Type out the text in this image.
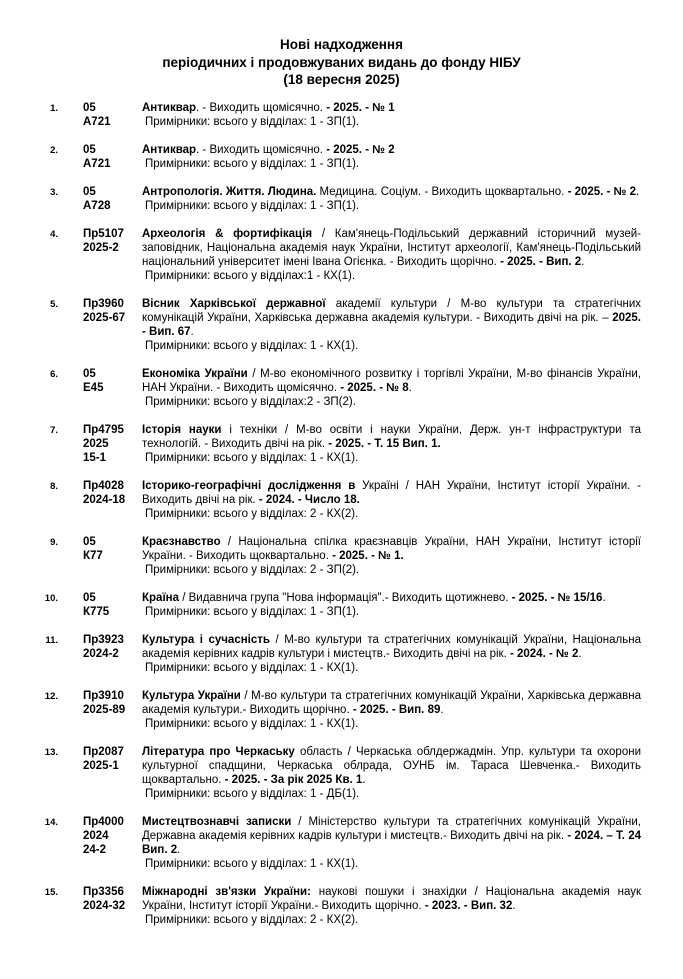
Нові надходження
періодичних і продовжуваних видань до фонду НІБУ
(18 вересня 2025)
1. 05
А721
Антиквар. - Виходить щомісячно. - 2025. - № 1
Примірники: всього у відділах: 1 - ЗП(1).
2. 05
А721
Антиквар. - Виходить щомісячно. - 2025. - № 2
Примірники: всього у відділах: 1 - ЗП(1).
3. 05
А728
Антропологія. Життя. Людина. Медицина. Соціум. - Виходить щоквартально. - 2025. - № 2.
Примірники: всього у відділах: 1 - ЗП(1).
4. Пр5107
2025-2
Археологія & фортифікація / Кам'янець-Подільський державний історичний музей-заповідник, Національна академія наук України, Інститут археології, Кам'янець-Подільський національний університет імені Івана Огієнка. - Виходить щорічно. - 2025. - Вип. 2.
Примірники: всього у відділах:1 - КХ(1).
5. Пр3960
2025-67
Вісник Харківської державної академії культури / М-во культури та стратегічних комунікацій України, Харківська державна академія культури. - Виходить двічі на рік. – 2025. - Вип. 67.
Примірники: всього у відділах: 1 - КХ(1).
6. 05
Е45
Економіка України / М-во економічного розвитку і торгівлі України, М-во фінансів України, НАН України. - Виходить щомісячно. - 2025. - № 8.
Примірники: всього у відділах:2 - ЗП(2).
7. Пр4795
2025
15-1
Історія науки і техніки / М-во освіти і науки України, Держ. ун-т інфраструктури та технологій. - Виходить двічі на рік. - 2025. - Т. 15 Вип. 1.
Примірники: всього у відділах: 1 - КХ(1).
8. Пр4028
2024-18
Історико-географічні дослідження в Україні / НАН України, Інститут історії України. - Виходить двічі на рік. - 2024. - Число 18.
Примірники: всього у відділах: 2 - КХ(2).
9. 05
К77
Краєзнавство / Національна спілка краєзнавців України, НАН України, Інститут історії України. - Виходить щоквартально. - 2025. - № 1.
Примірники: всього у відділах: 2 - ЗП(2).
10. 05
К775
Країна / Видавнича група "Нова інформація".- Виходить щотижнево. - 2025. - № 15/16.
Примірники: всього у відділах: 1 - ЗП(1).
11. Пр3923
2024-2
Культура і сучасність / М-во культури та стратегічних комунікацій України, Національна академія керівних кадрів культури і мистецтв.- Виходить двічі на рік. - 2024. - № 2.
Примірники: всього у відділах: 1 - КХ(1).
12. Пр3910
2025-89
Культура України / М-во культури та стратегічних комунікацій України, Харківська державна академія культури.- Виходить щорічно. - 2025. - Вип. 89.
Примірники: всього у відділах: 1 - КХ(1).
13. Пр2087
2025-1
Література про Черкаську область / Черкаська облдержадмін. Упр. культури та охорони культурної спадщини, Черкаська облрада, ОУНБ ім. Тараса Шевченка.- Виходить щоквартально. - 2025. - За рік 2025 Кв. 1.
Примірники: всього у відділах: 1 - ДБ(1).
14. Пр4000
2024
24-2
Мистецтвознавчі записки / Міністерство культури та стратегічних комунікацій України, Державна академія керівних кадрів культури і мистецтв.- Виходить двічі на рік. - 2024. – Т. 24 Вип. 2.
Примірники: всього у відділах: 1 - КХ(1).
15. Пр3356
2024-32
Міжнародні зв'язки України: наукові пошуки і знахідки / Національна академія наук України, Інститут історії України.- Виходить щорічно. - 2023. - Вип. 32.
Примірники: всього у відділах: 2 - КХ(2).
